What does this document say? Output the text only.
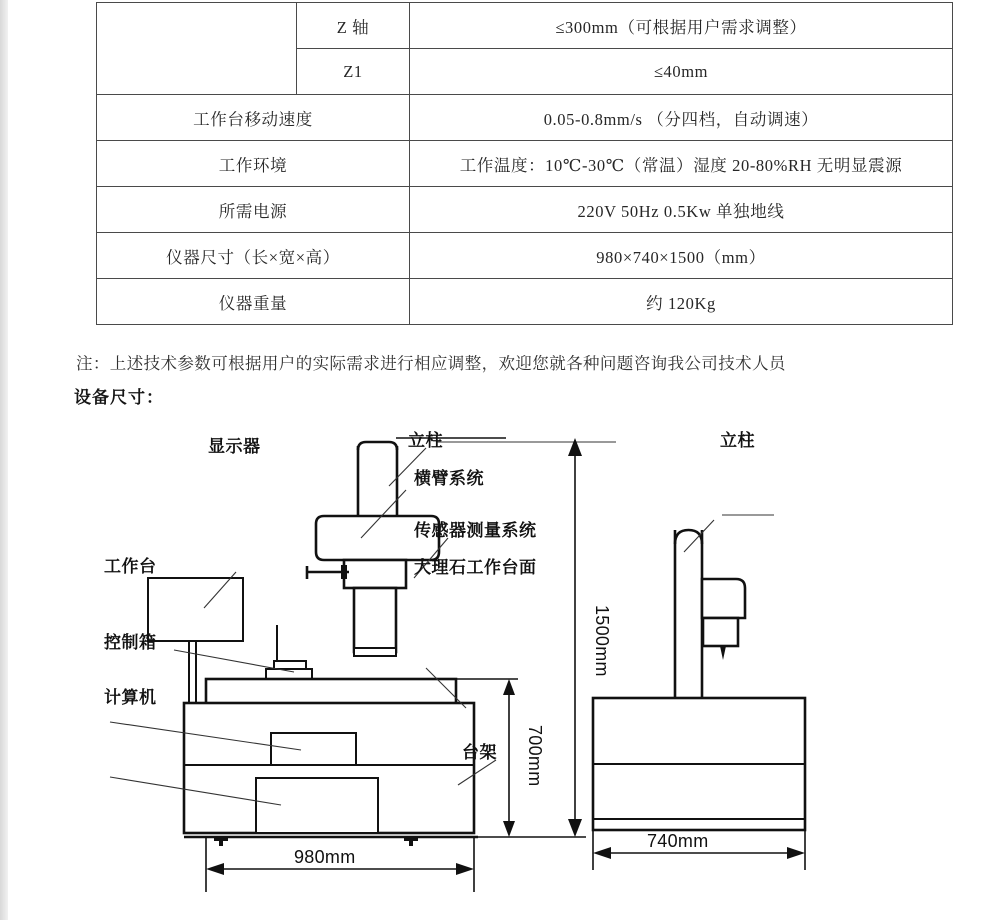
	Z 轴	≤300mm（可根据用户需求调整）
	Z1	≤40mm
工作台移动速度		0.05-0.8mm/s （分四档，自动调速）
工作环境		工作温度：10℃-30℃（常温）湿度 20-80%RH 无明显震源
所需电源		220V 50Hz 0.5Kw 单独地线
仪器尺寸（长×宽×高）		980×740×1500（mm）
仪器重量		约 120Kg
注：上述技术参数可根据用户的实际需求进行相应调整，欢迎您就各种问题咨询我公司技术人员
设备尺寸：
显示器	立柱
横臂系统
传感器测量系统
大理石工作台面
工作台
控制箱
计算机
台架
980mm
700mm
1500mm
立柱
740mm
